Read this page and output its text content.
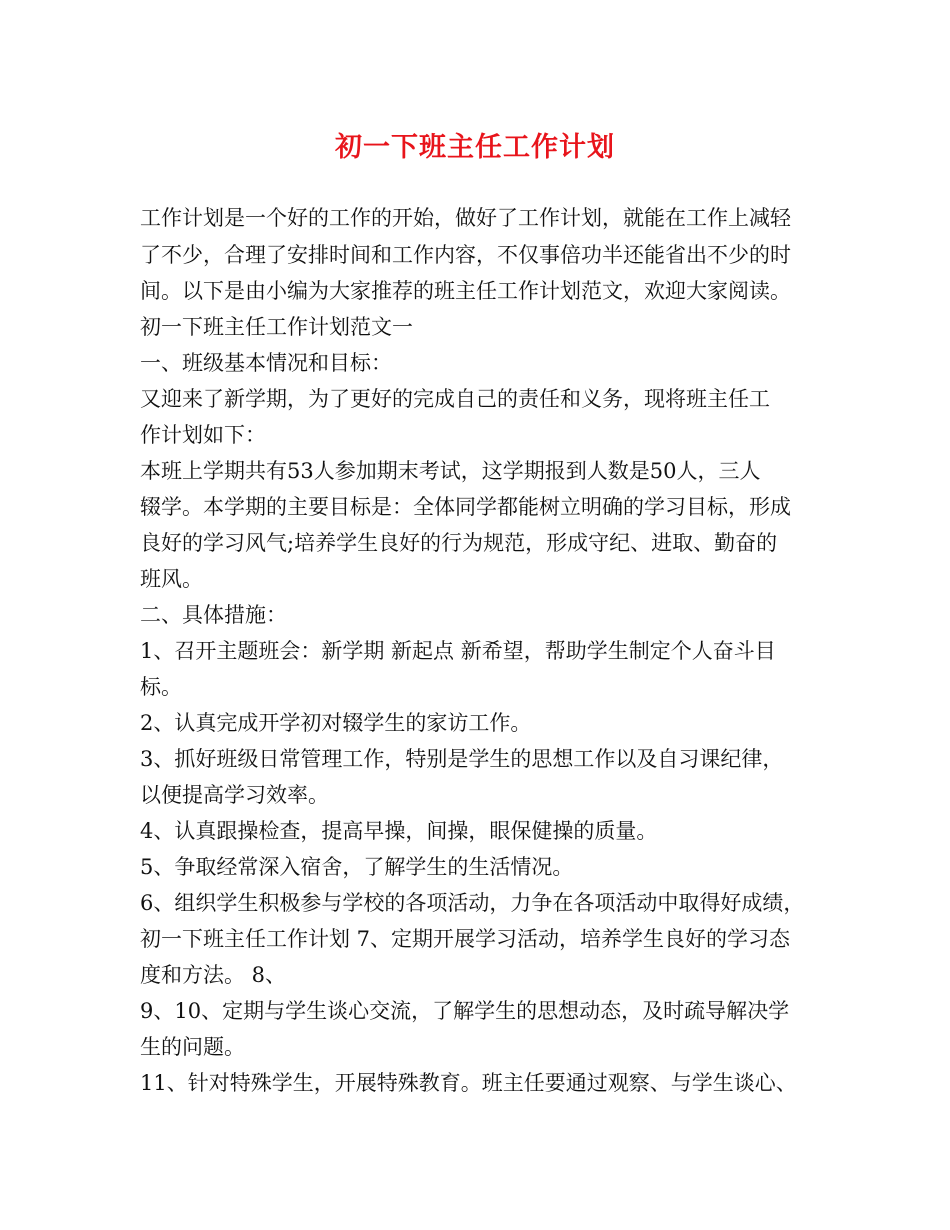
初一下班主任工作计划
工作计划是一个好的工作的开始，做好了工作计划，就能在工作上减轻
了不少，合理了安排时间和工作内容，不仅事倍功半还能省出不少的时
间。以下是由小编为大家推荐的班主任工作计划范文，欢迎大家阅读。
初一下班主任工作计划范文一
一、班级基本情况和目标：
又迎来了新学期，为了更好的完成自己的责任和义务，现将班主任工
作计划如下：
本班上学期共有53人参加期末考试，这学期报到人数是50人，三人
辍学。本学期的主要目标是：全体同学都能树立明确的学习目标，形成
良好的学习风气;培养学生良好的行为规范，形成守纪、进取、勤奋的
班风。
二、具体措施：
1、召开主题班会：新学期 新起点 新希望，帮助学生制定个人奋斗目
标。
2、认真完成开学初对辍学生的家访工作。
3、抓好班级日常管理工作，特别是学生的思想工作以及自习课纪律，
以便提高学习效率。
4、认真跟操检查，提高早操，间操，眼保健操的质量。
5、争取经常深入宿舍，了解学生的生活情况。
6、组织学生积极参与学校的各项活动，力争在各项活动中取得好成绩，
初一下班主任工作计划 7、定期开展学习活动，培养学生良好的学习态
度和方法。 8、
9、10、定期与学生谈心交流，了解学生的思想动态，及时疏导解决学
生的问题。
11、针对特殊学生，开展特殊教育。班主任要通过观察、与学生谈心、
